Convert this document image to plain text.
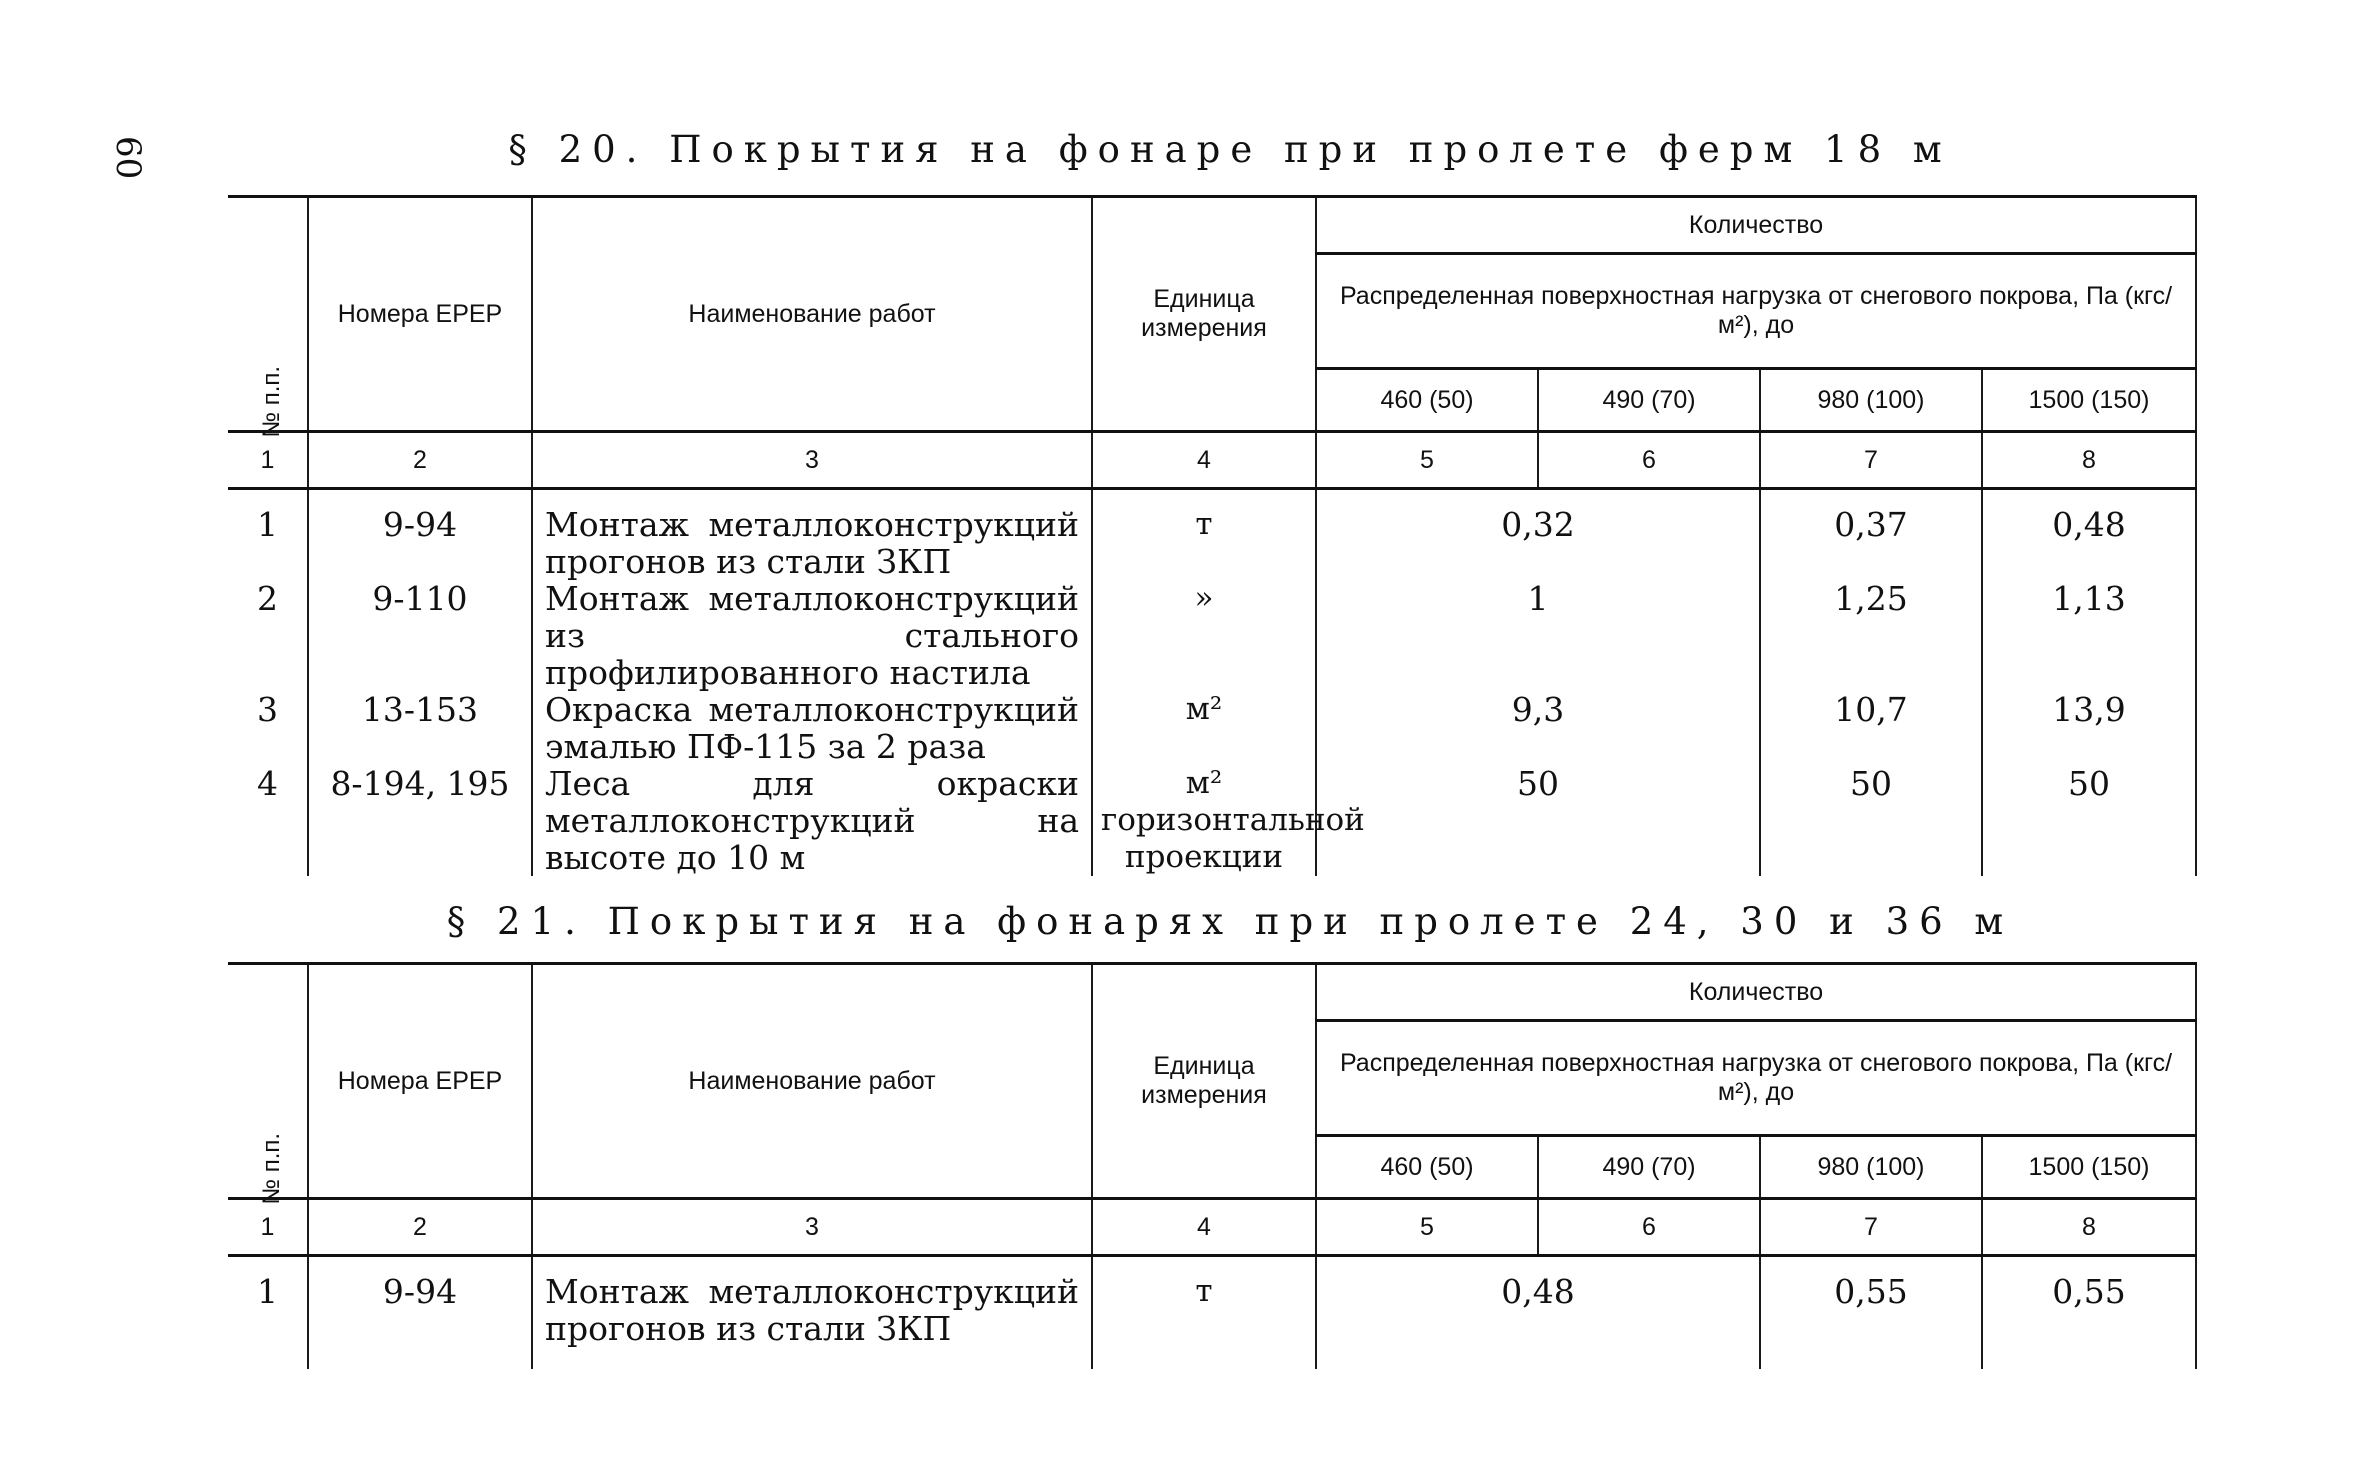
60	§ 20. Покрытия на фонаре при пролете ферм 18 м
№ п.п.	Номера ЕРЕР	Наименование работ	Единица измерения	Количество			
				Распределенная поверхностная нагрузка от снегового покрова, Па (кгс/м²), до			
				460 (50)	490 (70)	980 (100)	1500 (150)
1	2	3	4	5	6	7	8

1	9-94	Монтаж металлоконструкций прогонов из стали ЗКП	т	0,32		0,37	0,48
2	9-110	Монтаж металлоконструкций из стального профилированного настила	»	1		1,25	1,13
3	13-153	Окраска металлоконструкций эмалью ПФ-115 за 2 раза	м²	9,3		10,7	13,9
4	8-194, 195	Леса для окраски металлоконструкций на высоте до 10 м	м² горизонтальной проекции	50		50	50
§ 21. Покрытия на фонарях при пролете 24, 30 и 36 м
№ п.п.	Номера ЕРЕР	Наименование работ	Единица измерения	Количество			
				Распределенная поверхностная нагрузка от снегового покрова, Па (кгс/м²), до			
				460 (50)	490 (70)	980 (100)	1500 (150)
1	2	3	4	5	6	7	8

1	9-94	Монтаж металлоконструкций прогонов из стали ЗКП	т	0,48		0,55	0,55
